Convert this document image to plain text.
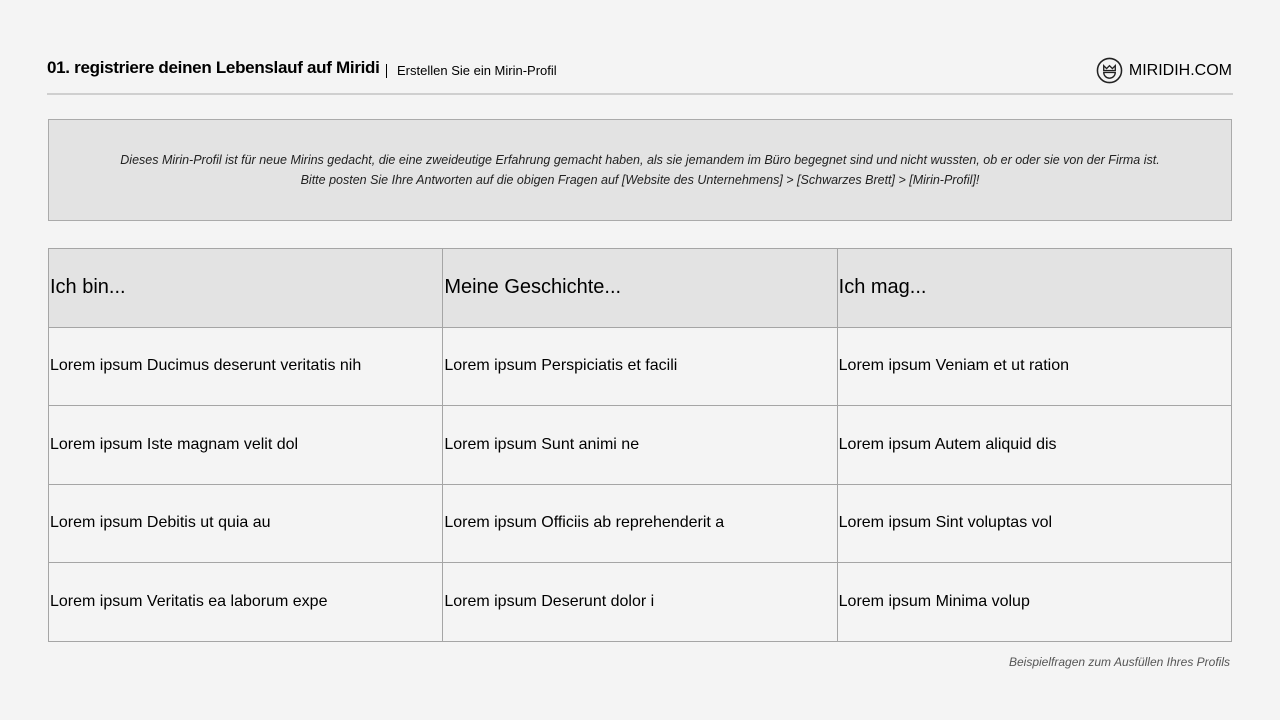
01. registriere deinen Lebenslauf auf Miridi	Erstellen Sie ein Mirin-Profil	MIRIDIH.COM
Dieses Mirin-Profil ist für neue Mirins gedacht, die eine zweideutige Erfahrung gemacht haben, als sie jemandem im Büro begegnet sind und nicht wussten, ob er oder sie von der Firma ist.
Bitte posten Sie Ihre Antworten auf die obigen Fragen auf [Website des Unternehmens] > [Schwarzes Brett] > [Mirin-Profil]!
Ich bin...	Meine Geschichte...	Ich mag...
Lorem ipsum Ducimus deserunt veritatis nih	Lorem ipsum Perspiciatis et facili	Lorem ipsum Veniam et ut ration
Lorem ipsum Iste magnam velit dol	Lorem ipsum Sunt animi ne	Lorem ipsum Autem aliquid dis
Lorem ipsum Debitis ut quia au	Lorem ipsum Officiis ab reprehenderit a	Lorem ipsum Sint voluptas vol
Lorem ipsum Veritatis ea laborum expe	Lorem ipsum Deserunt dolor i	Lorem ipsum Minima volup
Beispielfragen zum Ausfüllen Ihres Profils
